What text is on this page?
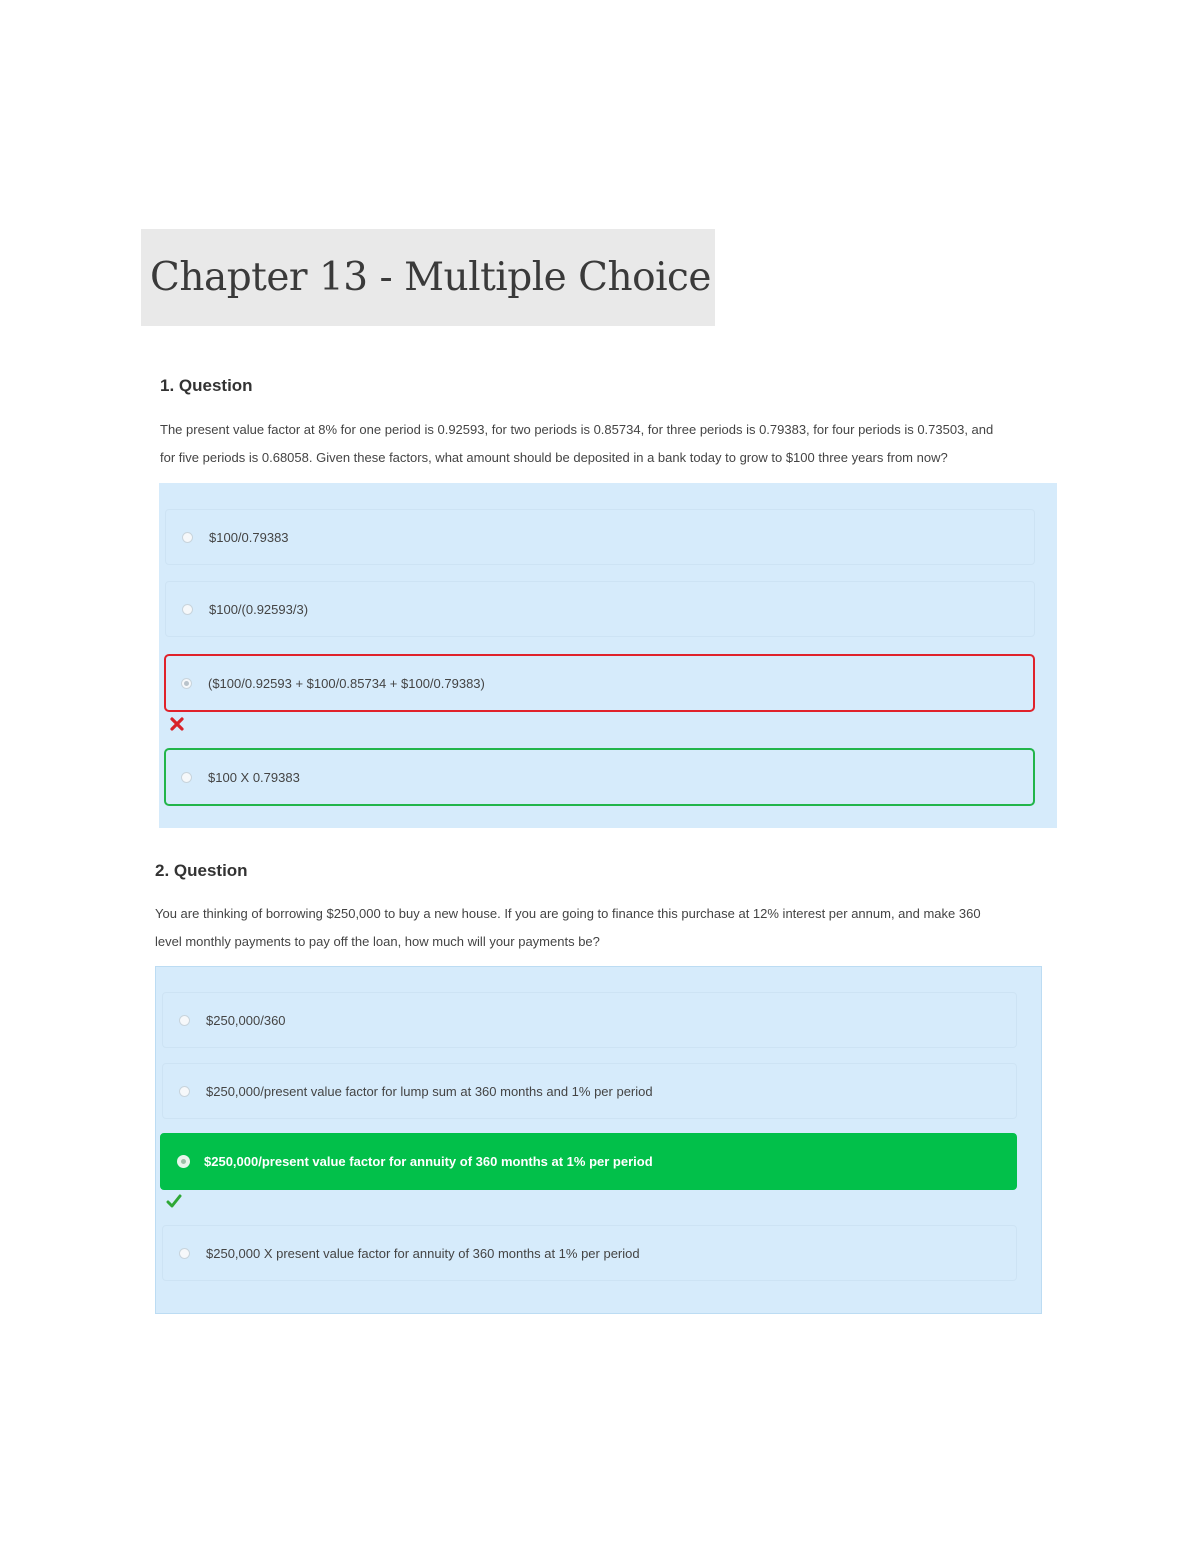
Chapter 13 - Multiple Choice
1. Question

The present value factor at 8% for one period is 0.92593, for two periods is 0.85734, for three periods is 0.79383, for four periods is 0.73503, and

for five periods is 0.68058. Given these factors, what amount should be deposited in a bank today to grow to $100 three years from now?

$100/0.79383
$100/(0.92593/3)
($100/0.92593 + $100/0.85734 + $100/0.79383)
$100 X 0.79383
2. Question

You are thinking of borrowing $250,000 to buy a new house. If you are going to finance this purchase at 12% interest per annum, and make 360

level monthly payments to pay off the loan, how much will your payments be?

$250,000/360
$250,000/present value factor for lump sum at 360 months and 1% per period
$250,000/present value factor for annuity of 360 months at 1% per period
$250,000 X present value factor for annuity of 360 months at 1% per period
